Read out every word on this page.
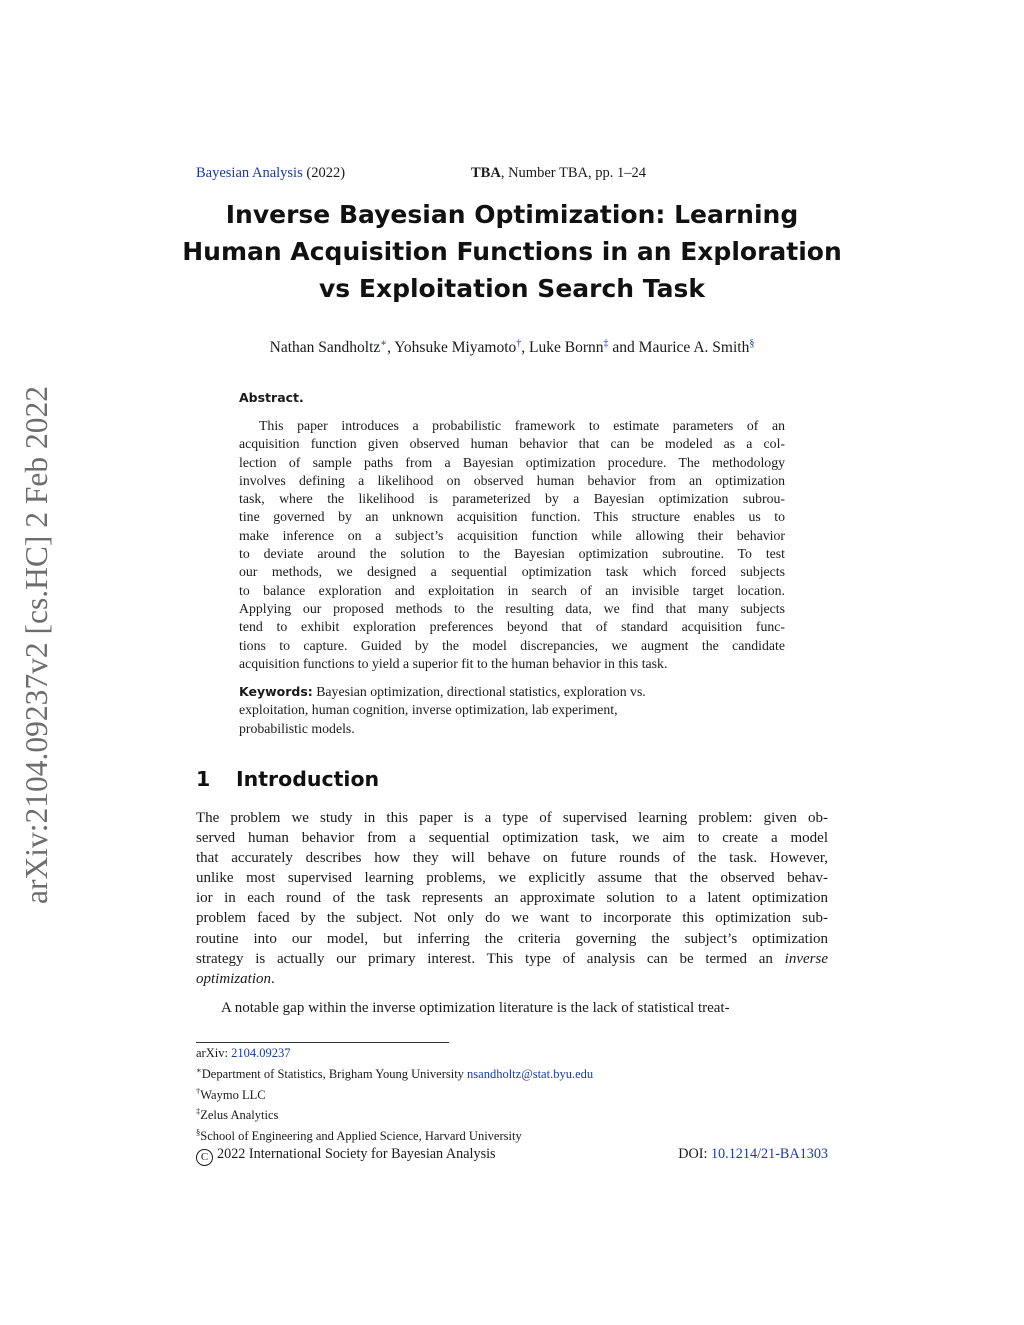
arXiv:2104.09237v2 [cs.HC] 2 Feb 2022
Bayesian Analysis (2022)	TBA, Number TBA, pp. 1–24
Inverse Bayesian Optimization: Learning
Human Acquisition Functions in an Exploration
vs Exploitation Search Task
Nathan Sandholtz∗, Yohsuke Miyamoto†, Luke Bornn‡ and Maurice A. Smith§
Abstract.
This paper introduces a probabilistic framework to estimate parameters of an
acquisition function given observed human behavior that can be modeled as a col-
lection of sample paths from a Bayesian optimization procedure. The methodology
involves defining a likelihood on observed human behavior from an optimization
task, where the likelihood is parameterized by a Bayesian optimization subrou-
tine governed by an unknown acquisition function. This structure enables us to
make inference on a subject’s acquisition function while allowing their behavior
to deviate around the solution to the Bayesian optimization subroutine. To test
our methods, we designed a sequential optimization task which forced subjects
to balance exploration and exploitation in search of an invisible target location.
Applying our proposed methods to the resulting data, we find that many subjects
tend to exhibit exploration preferences beyond that of standard acquisition func-
tions to capture. Guided by the model discrepancies, we augment the candidate
acquisition functions to yield a superior fit to the human behavior in this task.
Keywords: Bayesian optimization, directional statistics, exploration vs.
exploitation, human cognition, inverse optimization, lab experiment,
probabilistic models.
1 Introduction
The problem we study in this paper is a type of supervised learning problem: given ob-
served human behavior from a sequential optimization task, we aim to create a model
that accurately describes how they will behave on future rounds of the task. However,
unlike most supervised learning problems, we explicitly assume that the observed behav-
ior in each round of the task represents an approximate solution to a latent optimization
problem faced by the subject. Not only do we want to incorporate this optimization sub-
routine into our model, but inferring the criteria governing the subject’s optimization
strategy is actually our primary interest. This type of analysis can be termed an inverse
optimization.
A notable gap within the inverse optimization literature is the lack of statistical treat-
arXiv: 2104.09237
∗Department of Statistics, Brigham Young University nsandholtz@stat.byu.edu
†Waymo LLC
‡Zelus Analytics
§School of Engineering and Applied Science, Harvard University
C 2022 International Society for Bayesian Analysis	DOI: 10.1214/21-BA1303
